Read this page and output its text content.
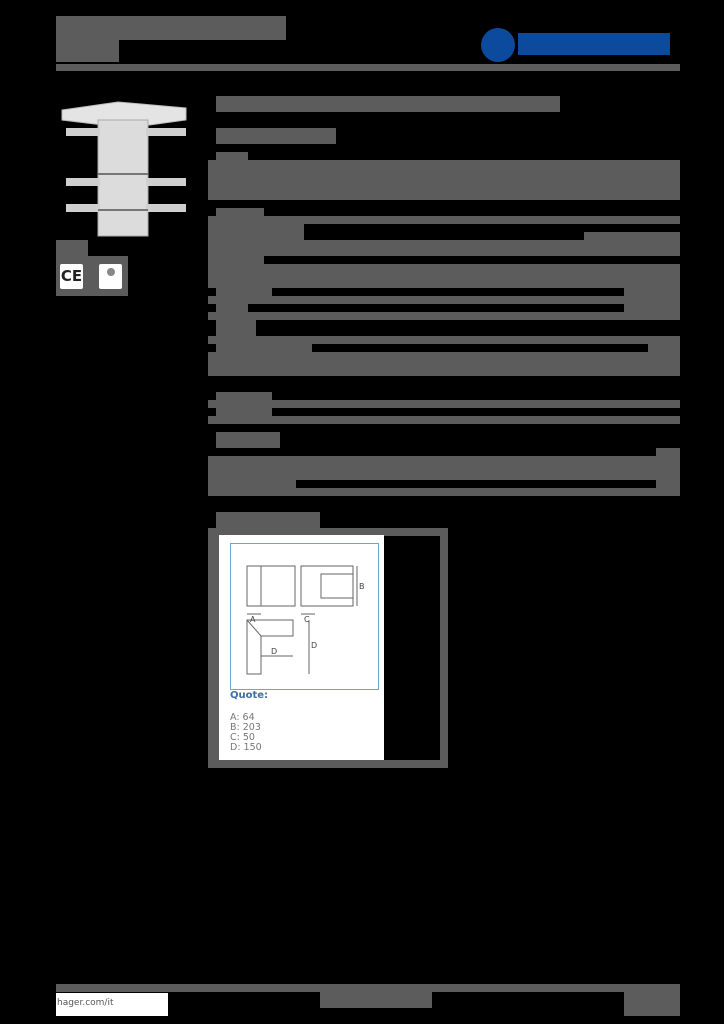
CE
A	C
B
D
D
Quote:
A: 64
B: 203
C: 50
D: 150
hager.com/it
